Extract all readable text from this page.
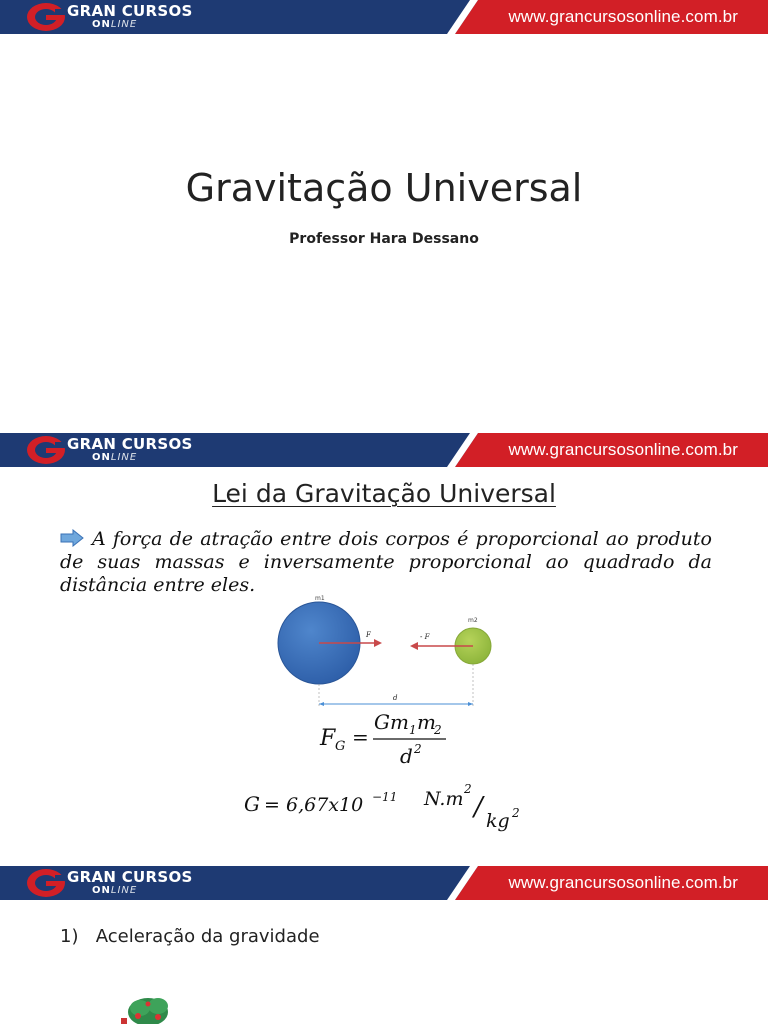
GRAN CURSOS
ONLINE	www.grancursosonline.com.br
Gravitação Universal
Professor Hara Dessano
GRAN CURSOS
ONLINE	www.grancursosonline.com.br
Lei da Gravitação Universal
A força de atração entre dois corpos é proporcional ao produto de suas massas e inversamente proporcional ao quadrado da distância entre eles.
m1
m2
F	- F
d
F G =
Gm 1 m
2
d 2
G = 6,67x10 −11 N.m 2
/ kg 2
GRAN CURSOS
ONLINE	www.grancursosonline.com.br
1) Aceleração da gravidade
